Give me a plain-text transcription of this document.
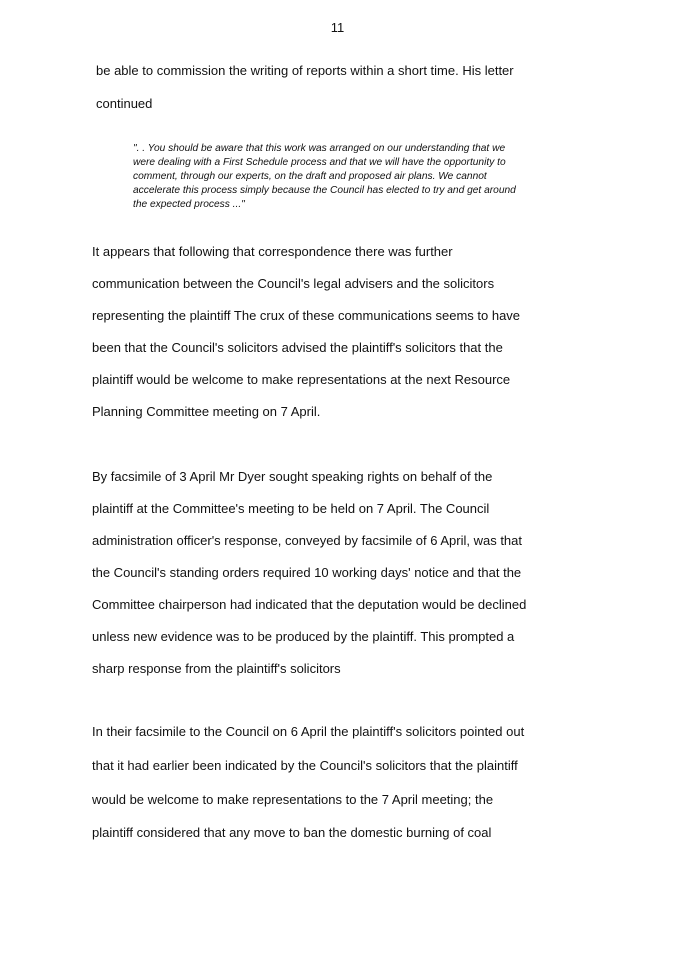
11
be able to commission the writing of reports within a short time. His letter
continued
". . You should be aware that this work was arranged on our understanding that we
were dealing with a First Schedule process and that we will have the opportunity to
comment, through our experts, on the draft and proposed air plans. We cannot
accelerate this process simply because the Council has elected to try and get around
the expected process ..."
It appears that following that correspondence there was further
communication between the Council's legal advisers and the solicitors
representing the plaintiff The crux of these communications seems to have
been that the Council's solicitors advised the plaintiff's solicitors that the
plaintiff would be welcome to make representations at the next Resource
Planning Committee meeting on 7 April.
By facsimile of 3 April Mr Dyer sought speaking rights on behalf of the
plaintiff at the Committee's meeting to be held on 7 April. The Council
administration officer's response, conveyed by facsimile of 6 April, was that
the Council's standing orders required 10 working days' notice and that the
Committee chairperson had indicated that the deputation would be declined
unless new evidence was to be produced by the plaintiff. This prompted a
sharp response from the plaintiff's solicitors
In their facsimile to the Council on 6 April the plaintiff's solicitors pointed out
that it had earlier been indicated by the Council's solicitors that the plaintiff
would be welcome to make representations to the 7 April meeting; the
plaintiff considered that any move to ban the domestic burning of coal
